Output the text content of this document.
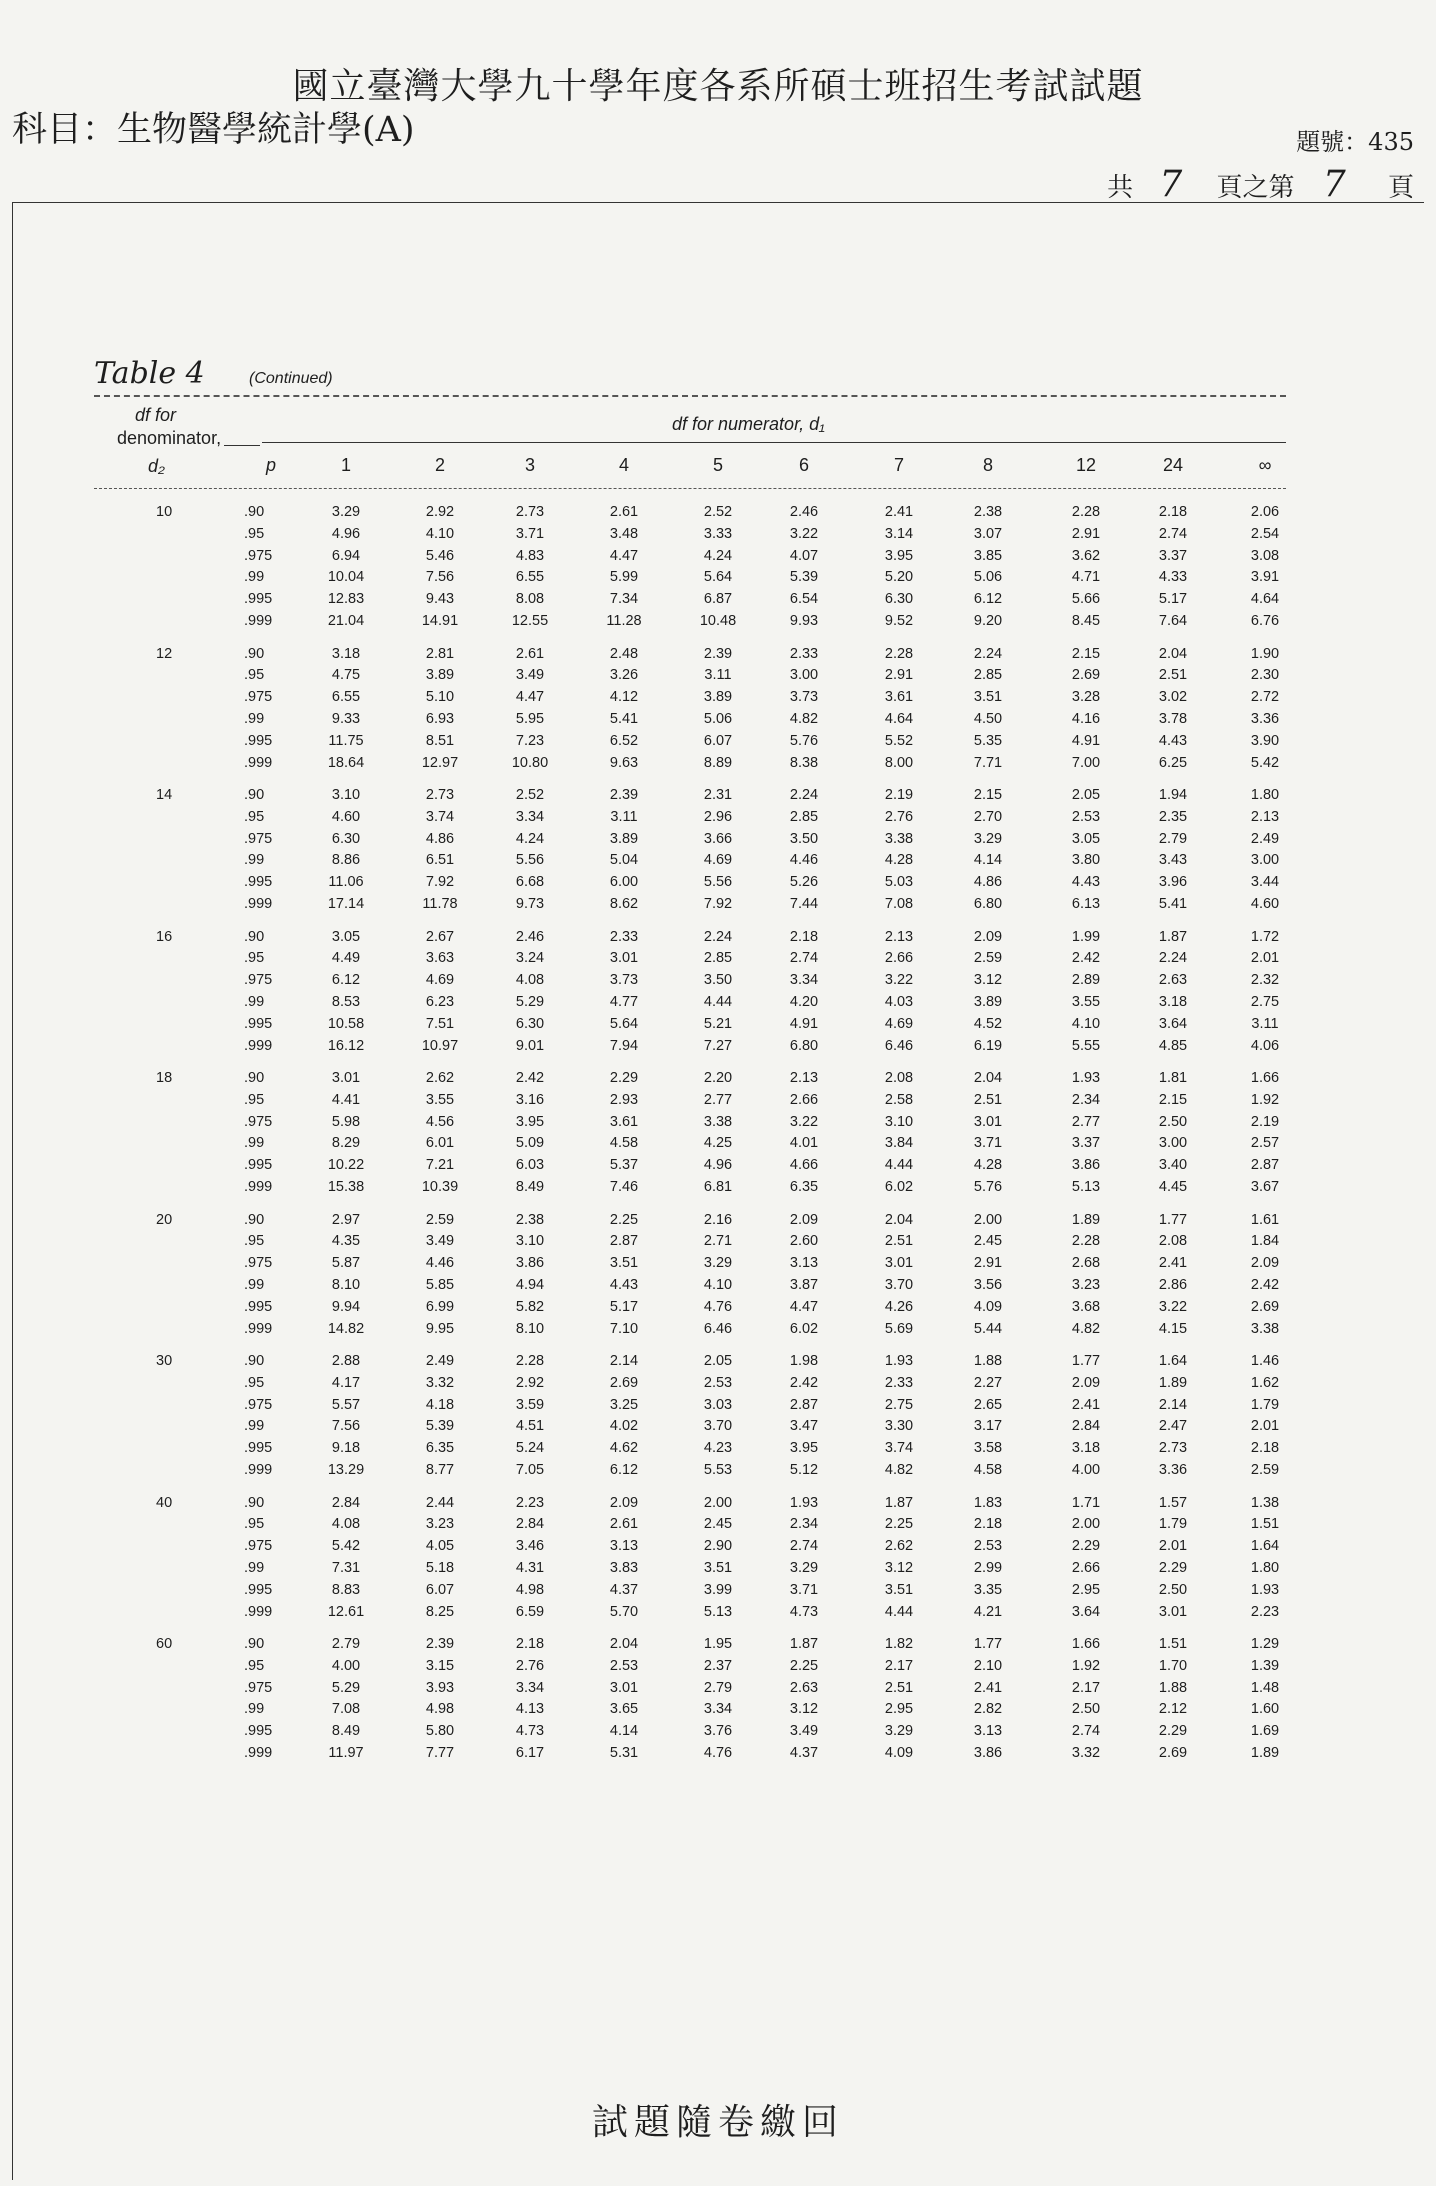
國立臺灣大學九十學年度各系所碩士班招生考試試題
科目：生物醫學統計學(A)	題號：435
共 7 頁之第 7 頁
Table 4	(Continued)
df for
denominator,
d₂
df for numerator, d₁
p	1	2	3	4	5	6	7	8	12	24	∞
10	.90	3.29	2.92	2.73	2.61	2.52	2.46	2.41	2.38	2.28	2.18	2.06
.95	4.96	4.10	3.71	3.48	3.33	3.22	3.14	3.07	2.91	2.74	2.54
.975	6.94	5.46	4.83	4.47	4.24	4.07	3.95	3.85	3.62	3.37	3.08
.99	10.04	7.56	6.55	5.99	5.64	5.39	5.20	5.06	4.71	4.33	3.91
.995	12.83	9.43	8.08	7.34	6.87	6.54	6.30	6.12	5.66	5.17	4.64
.999	21.04	14.91	12.55	11.28	10.48	9.93	9.52	9.20	8.45	7.64	6.76
12	.90	3.18	2.81	2.61	2.48	2.39	2.33	2.28	2.24	2.15	2.04	1.90
.95	4.75	3.89	3.49	3.26	3.11	3.00	2.91	2.85	2.69	2.51	2.30
.975	6.55	5.10	4.47	4.12	3.89	3.73	3.61	3.51	3.28	3.02	2.72
.99	9.33	6.93	5.95	5.41	5.06	4.82	4.64	4.50	4.16	3.78	3.36
.995	11.75	8.51	7.23	6.52	6.07	5.76	5.52	5.35	4.91	4.43	3.90
.999	18.64	12.97	10.80	9.63	8.89	8.38	8.00	7.71	7.00	6.25	5.42
14	.90	3.10	2.73	2.52	2.39	2.31	2.24	2.19	2.15	2.05	1.94	1.80
.95	4.60	3.74	3.34	3.11	2.96	2.85	2.76	2.70	2.53	2.35	2.13
.975	6.30	4.86	4.24	3.89	3.66	3.50	3.38	3.29	3.05	2.79	2.49
.99	8.86	6.51	5.56	5.04	4.69	4.46	4.28	4.14	3.80	3.43	3.00
.995	11.06	7.92	6.68	6.00	5.56	5.26	5.03	4.86	4.43	3.96	3.44
.999	17.14	11.78	9.73	8.62	7.92	7.44	7.08	6.80	6.13	5.41	4.60
16	.90	3.05	2.67	2.46	2.33	2.24	2.18	2.13	2.09	1.99	1.87	1.72
.95	4.49	3.63	3.24	3.01	2.85	2.74	2.66	2.59	2.42	2.24	2.01
.975	6.12	4.69	4.08	3.73	3.50	3.34	3.22	3.12	2.89	2.63	2.32
.99	8.53	6.23	5.29	4.77	4.44	4.20	4.03	3.89	3.55	3.18	2.75
.995	10.58	7.51	6.30	5.64	5.21	4.91	4.69	4.52	4.10	3.64	3.11
.999	16.12	10.97	9.01	7.94	7.27	6.80	6.46	6.19	5.55	4.85	4.06
18	.90	3.01	2.62	2.42	2.29	2.20	2.13	2.08	2.04	1.93	1.81	1.66
.95	4.41	3.55	3.16	2.93	2.77	2.66	2.58	2.51	2.34	2.15	1.92
.975	5.98	4.56	3.95	3.61	3.38	3.22	3.10	3.01	2.77	2.50	2.19
.99	8.29	6.01	5.09	4.58	4.25	4.01	3.84	3.71	3.37	3.00	2.57
.995	10.22	7.21	6.03	5.37	4.96	4.66	4.44	4.28	3.86	3.40	2.87
.999	15.38	10.39	8.49	7.46	6.81	6.35	6.02	5.76	5.13	4.45	3.67
20	.90	2.97	2.59	2.38	2.25	2.16	2.09	2.04	2.00	1.89	1.77	1.61
.95	4.35	3.49	3.10	2.87	2.71	2.60	2.51	2.45	2.28	2.08	1.84
.975	5.87	4.46	3.86	3.51	3.29	3.13	3.01	2.91	2.68	2.41	2.09
.99	8.10	5.85	4.94	4.43	4.10	3.87	3.70	3.56	3.23	2.86	2.42
.995	9.94	6.99	5.82	5.17	4.76	4.47	4.26	4.09	3.68	3.22	2.69
.999	14.82	9.95	8.10	7.10	6.46	6.02	5.69	5.44	4.82	4.15	3.38
30	.90	2.88	2.49	2.28	2.14	2.05	1.98	1.93	1.88	1.77	1.64	1.46
.95	4.17	3.32	2.92	2.69	2.53	2.42	2.33	2.27	2.09	1.89	1.62
.975	5.57	4.18	3.59	3.25	3.03	2.87	2.75	2.65	2.41	2.14	1.79
.99	7.56	5.39	4.51	4.02	3.70	3.47	3.30	3.17	2.84	2.47	2.01
.995	9.18	6.35	5.24	4.62	4.23	3.95	3.74	3.58	3.18	2.73	2.18
.999	13.29	8.77	7.05	6.12	5.53	5.12	4.82	4.58	4.00	3.36	2.59
40	.90	2.84	2.44	2.23	2.09	2.00	1.93	1.87	1.83	1.71	1.57	1.38
.95	4.08	3.23	2.84	2.61	2.45	2.34	2.25	2.18	2.00	1.79	1.51
.975	5.42	4.05	3.46	3.13	2.90	2.74	2.62	2.53	2.29	2.01	1.64
.99	7.31	5.18	4.31	3.83	3.51	3.29	3.12	2.99	2.66	2.29	1.80
.995	8.83	6.07	4.98	4.37	3.99	3.71	3.51	3.35	2.95	2.50	1.93
.999	12.61	8.25	6.59	5.70	5.13	4.73	4.44	4.21	3.64	3.01	2.23
60	.90	2.79	2.39	2.18	2.04	1.95	1.87	1.82	1.77	1.66	1.51	1.29
.95	4.00	3.15	2.76	2.53	2.37	2.25	2.17	2.10	1.92	1.70	1.39
.975	5.29	3.93	3.34	3.01	2.79	2.63	2.51	2.41	2.17	1.88	1.48
.99	7.08	4.98	4.13	3.65	3.34	3.12	2.95	2.82	2.50	2.12	1.60
.995	8.49	5.80	4.73	4.14	3.76	3.49	3.29	3.13	2.74	2.29	1.69
.999	11.97	7.77	6.17	5.31	4.76	4.37	4.09	3.86	3.32	2.69	1.89
試題隨卷繳回
